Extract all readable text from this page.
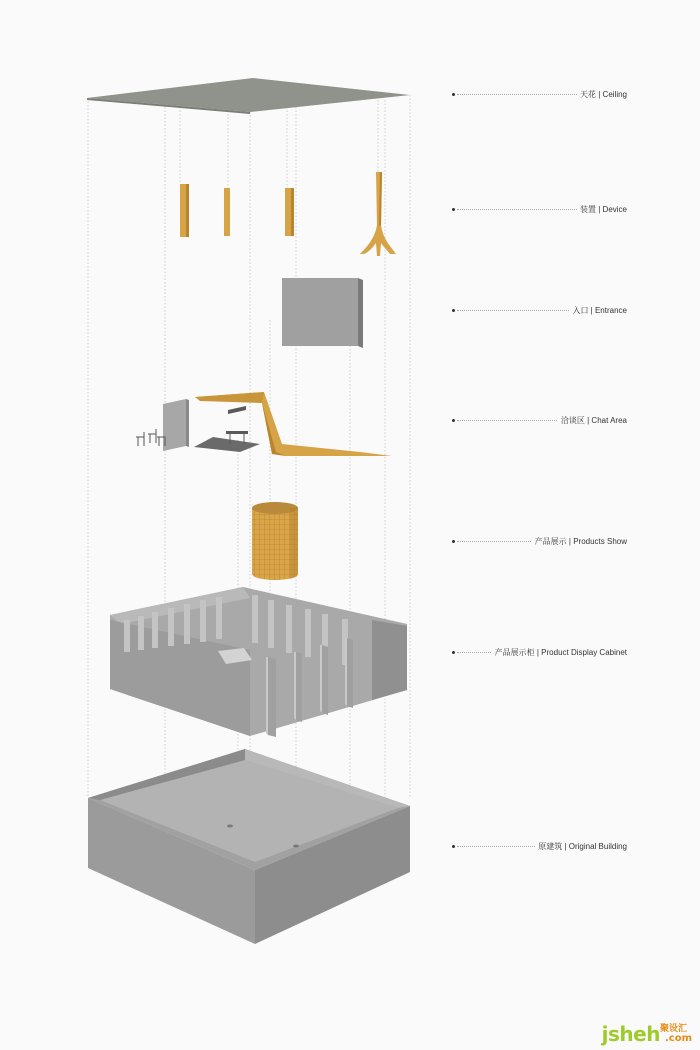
天花 | Ceiling
装置 | Device
入口 | Entrance
洽谈区 | Chat Area
产品展示 | Products Show
产品展示柜 | Product Display Cabinet
原建筑 | Original Building
jsheh$^{聚设汇}$.com
